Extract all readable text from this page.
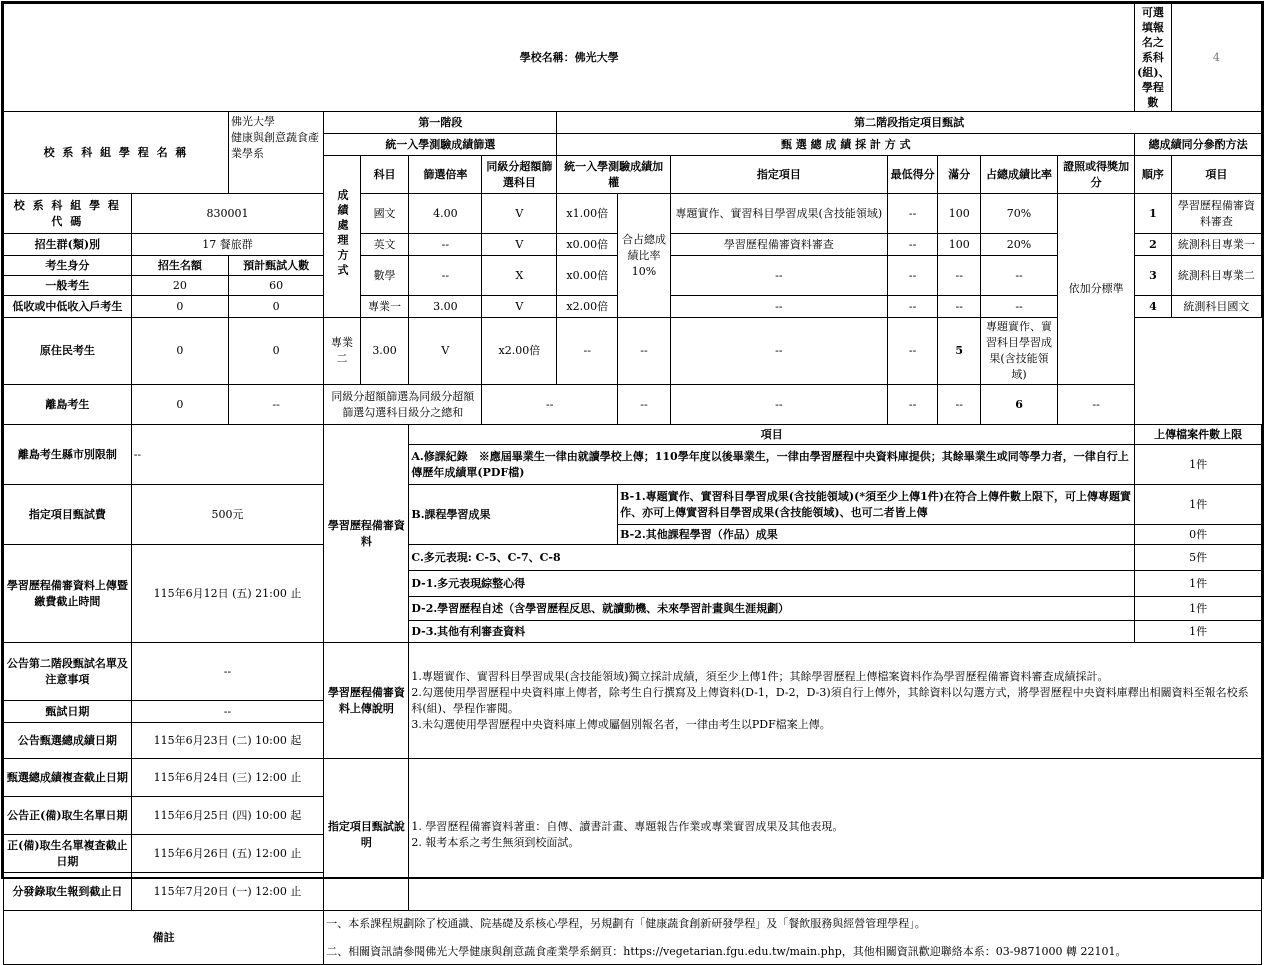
學校名稱：佛光大學														可選填報名之系科(組)、學程數	4
校 系 科 組 學 程 名 稱		佛光大學
健康與創意蔬食產業學系	第一階段				第二階段指定項目甄試								
			統一入學測驗成績篩選				甄 選 總 成 績 採 計 方 式							總成績同分參酌方法	
			成績處理方式	科目	篩選倍率	同級分超額篩選科目	統一入學測驗成績加權		指定項目	最低得分	滿分	占總成績比率	證照或得獎加分	順序	項目
校 系 科 組 學 程 代 碼	830001			國文	4.00	V	x1.00倍	合占總成績比率10%	專題實作、實習科目學習成果(含技能領域)	--	100	70%	依加分標準	1	學習歷程備審資料審查
招生群(類)別	17 餐旅群			英文	--	V	x0.00倍		學習歷程備審資料審查	--	100	20%		2	統測科目專業一
考生身分	招生名額	預計甄試人數		數學	--	X	x0.00倍		--	--	--	--		3	統測科目專業二
一般考生	20	60													
低收或中低收入戶考生	0	0		專業一	3.00	V	x2.00倍		--	--	--	--		4	統測科目國文
原住民考生	0	0	專業二	3.00	V	x2.00倍	--	--	--	--	5	專題實作、實習科目學習成果(含技能領域)			
離島考生	0	--	同級分超額篩選為同級分超額篩選勾選科目級分之總和			--		--	--	--	--	6	--		
離島考生縣市別限制	--		學習歷程備審資料		項目									上傳檔案件數上限	
					A.修課紀錄　※應屆畢業生一律由就讀學校上傳；110學年度以後畢業生，一律由學習歷程中央資料庫提供；其餘畢業生或同等學力者，一律自行上傳歷年成績單(PDF檔)									1件	
指定項目甄試費	500元				B.課程學習成果			B-1.專題實作、實習科目學習成果(含技能領域)(*須至少上傳1件)在符合上傳件數上限下，可上傳專題實作、亦可上傳實習科目學習成果(含技能領域)、也可二者皆上傳						1件	
								B-2.其他課程學習（作品）成果						0件	
學習歷程備審資料上傳暨繳費截止時間	115年6月12日 (五) 21:00 止				C.多元表現: C-5、C-7、C-8									5件	
					D-1.多元表現綜整心得									1件	
					D-2.學習歷程自述（含學習歷程反思、就讀動機、未來學習計畫與生涯規劃）									1件	
					D-3.其他有利審查資料									1件	
公告第二階段甄試名單及注意事項	--		學習歷程備審資料上傳說明		1.專題實作、實習科目學習成果(含技能領域)獨立採計成績，須至少上傳1件；其餘學習歷程上傳檔案資料作為學習歷程備審資料審查成績採計。
2.勾選使用學習歷程中央資料庫上傳者，除考生自行撰寫及上傳資料(D-1，D-2，D-3)須自行上傳外，其餘資料以勾選方式，將學習歷程中央資料庫釋出相關資料至報名校系科(組)、學程作審閱。
3.未勾選使用學習歷程中央資料庫上傳或屬個別報名者，一律由考生以PDF檔案上傳。										

甄試日期	--														
公告甄選總成績日期	115年6月23日 (二) 10:00 起														
甄選總成績複查截止日期	115年6月24日 (三) 12:00 止		指定項目甄試說明		1. 學習歷程備審資料著重：自傳、讀書計畫、專題報告作業或專業實習成果及其他表現。
2. 報考本系之考生無須到校面試。										

公告正(備)取生名單日期	115年6月25日 (四) 10:00 起														
正(備)取生名單複查截止日期	115年6月26日 (五) 12:00 止														
分發錄取生報到截止日	115年7月20日 (一) 12:00 止														
備註			一、本系課程規劃除了校通識、院基礎及系核心學程，另規劃有「健康蔬食創新研發學程」及「餐飲服務與經營管理學程」。
二、相關資訊請參閱佛光大學健康與創意蔬食產業學系網頁：https://vegetarian.fgu.edu.tw/main.php，其他相關資訊歡迎聯絡本系：03-9871000 轉 22101。												
